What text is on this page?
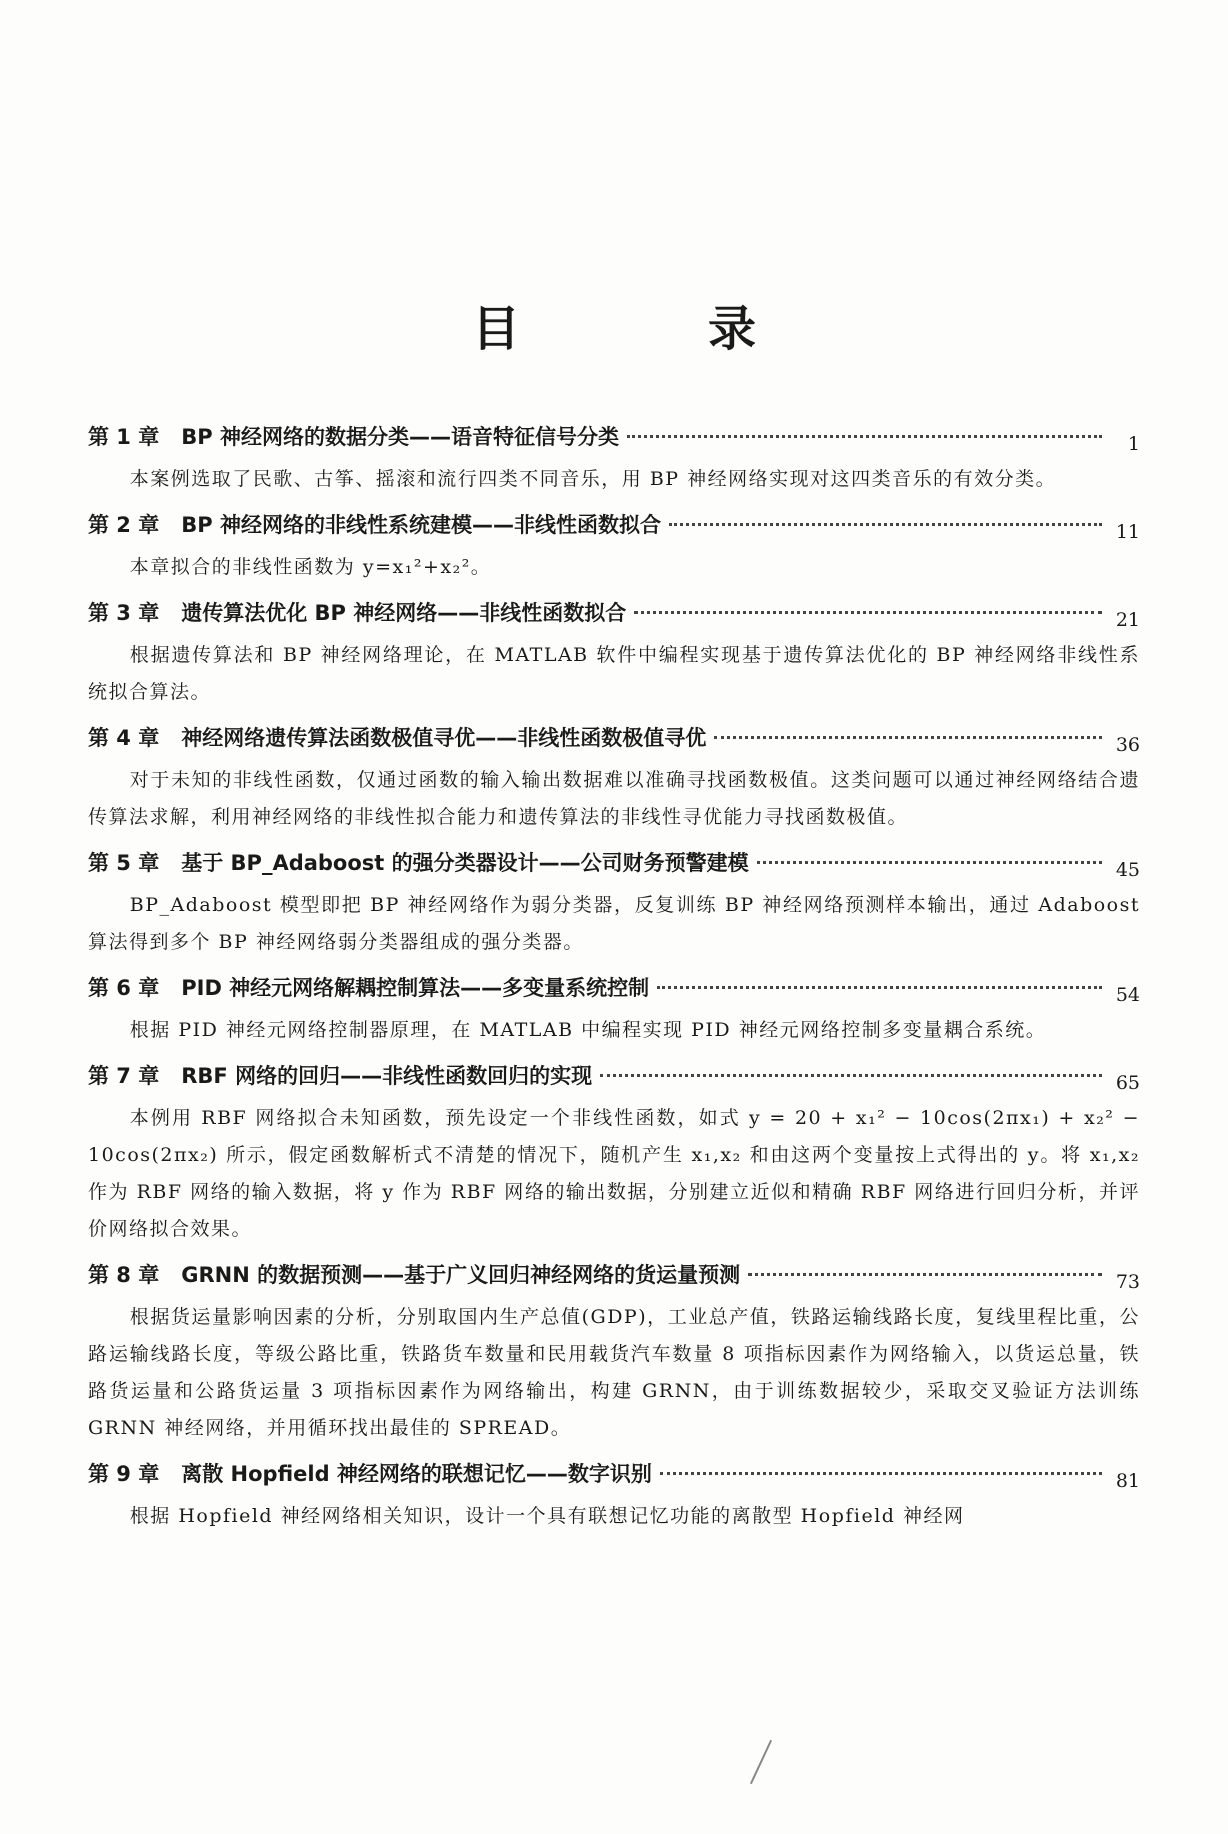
目　录
第 1 章 BP 神经网络的数据分类——语音特征信号分类	1

本案例选取了民歌、古筝、摇滚和流行四类不同音乐，用 BP 神经网络实现对这四类音乐的有效分类。

第 2 章 BP 神经网络的非线性系统建模——非线性函数拟合	11

本章拟合的非线性函数为 y=x₁²+x₂²。

第 3 章 遗传算法优化 BP 神经网络——非线性函数拟合	21

根据遗传算法和 BP 神经网络理论，在 MATLAB 软件中编程实现基于遗传算法优化的 BP 神经网络非线性系统拟合算法。

第 4 章 神经网络遗传算法函数极值寻优——非线性函数极值寻优	36

对于未知的非线性函数，仅通过函数的输入输出数据难以准确寻找函数极值。这类问题可以通过神经网络结合遗传算法求解，利用神经网络的非线性拟合能力和遗传算法的非线性寻优能力寻找函数极值。

第 5 章 基于 BP_Adaboost 的强分类器设计——公司财务预警建模	45

BP_Adaboost 模型即把 BP 神经网络作为弱分类器，反复训练 BP 神经网络预测样本输出，通过 Adaboost 算法得到多个 BP 神经网络弱分类器组成的强分类器。

第 6 章 PID 神经元网络解耦控制算法——多变量系统控制	54

根据 PID 神经元网络控制器原理，在 MATLAB 中编程实现 PID 神经元网络控制多变量耦合系统。

第 7 章 RBF 网络的回归——非线性函数回归的实现	65

本例用 RBF 网络拟合未知函数，预先设定一个非线性函数，如式 y = 20 + x₁² − 10cos(2πx₁) + x₂² − 10cos(2πx₂) 所示，假定函数解析式不清楚的情况下，随机产生 x₁,x₂ 和由这两个变量按上式得出的 y。将 x₁,x₂ 作为 RBF 网络的输入数据，将 y 作为 RBF 网络的输出数据，分别建立近似和精确 RBF 网络进行回归分析，并评价网络拟合效果。

第 8 章 GRNN 的数据预测——基于广义回归神经网络的货运量预测	73

根据货运量影响因素的分析，分别取国内生产总值(GDP)，工业总产值，铁路运输线路长度，复线里程比重，公路运输线路长度，等级公路比重，铁路货车数量和民用载货汽车数量 8 项指标因素作为网络输入，以货运总量，铁路货运量和公路货运量 3 项指标因素作为网络输出，构建 GRNN，由于训练数据较少，采取交叉验证方法训练 GRNN 神经网络，并用循环找出最佳的 SPREAD。

第 9 章 离散 Hopfield 神经网络的联想记忆——数字识别	81

根据 Hopfield 神经网络相关知识，设计一个具有联想记忆功能的离散型 Hopfield 神经网
